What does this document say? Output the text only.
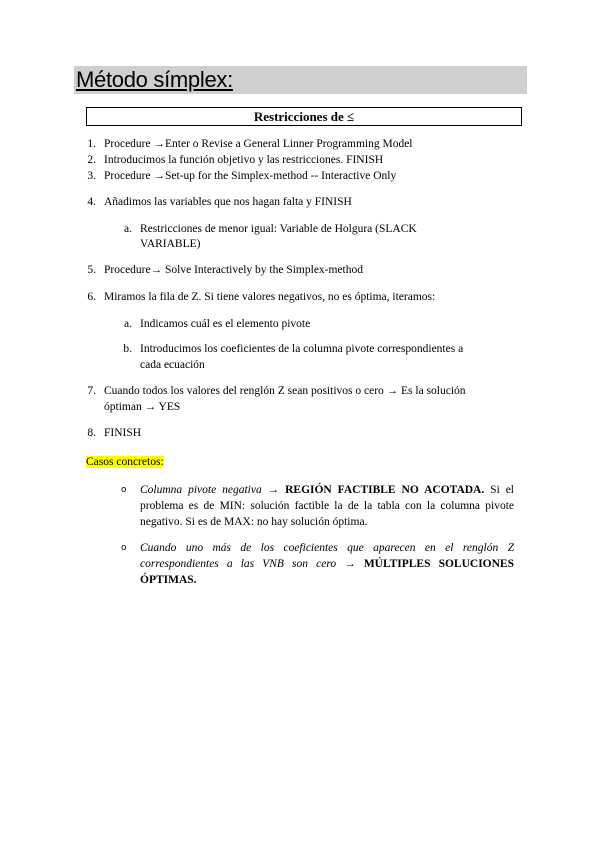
Método símplex:
Restricciones de ≤
1. Procedure →Enter o Revise a General Linner Programming Model
2. Introducimos la función objetivo y las restricciones. FINISH
3. Procedure →Set-up for the Simplex-method -- Interactive Only
4. Añadimos las variables que nos hagan falta y FINISH
a. Restricciones de menor igual: Variable de Holgura (SLACK
VARIABLE)
5. Procedure→ Solve Interactively by the Simplex-method
6. Miramos la fila de Z. Si tiene valores negativos, no es óptima, iteramos:
a. Indicamos cuál es el elemento pivote
b. Introducimos los coeficientes de la columna pivote correspondientes a
cada ecuación
7. Cuando todos los valores del renglón Z sean positivos o cero → Es la solución
óptiman → YES
8. FINISH
Casos concretos:
o Columna pivote negativa → REGIÓN FACTIBLE NO ACOTADA. Si el problema es de MIN: solución factible la de la tabla con la columna pivote negativo. Si es de MAX: no hay solución óptima.
o Cuando uno más de los coeficientes que aparecen en el renglón Z correspondientes a las VNB son cero → MÚLTIPLES SOLUCIONES ÓPTIMAS.
